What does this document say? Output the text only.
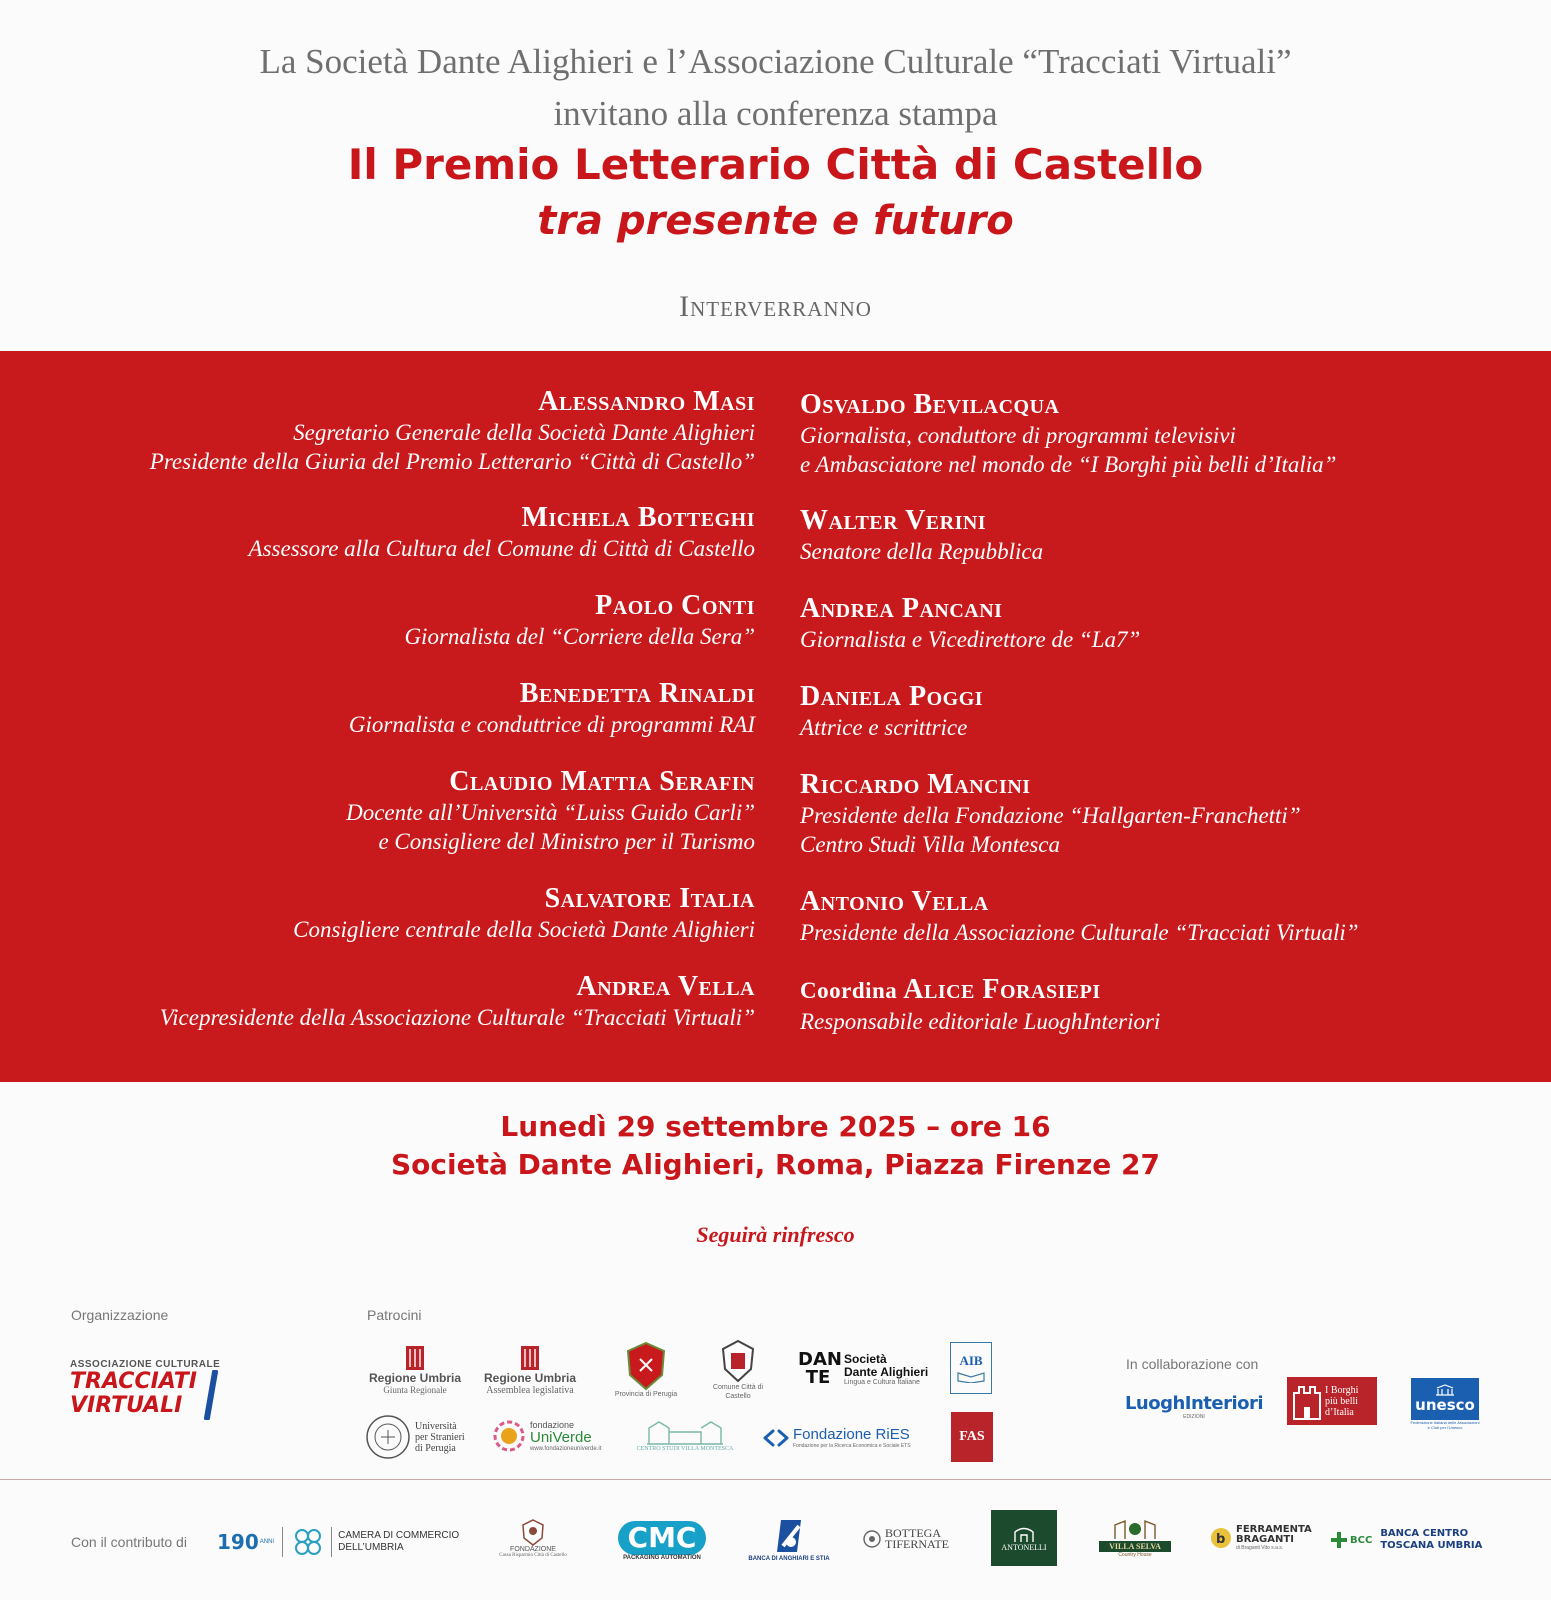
La Società Dante Alighieri e l’Associazione Culturale “Tracciati Virtuali”
invitano alla conferenza stampa
Il Premio Letterario Città di Castello
tra presente e futuro
Interverranno
Alessandro Masi
Segretario Generale della Società Dante Alighieri
Presidente della Giuria del Premio Letterario “Città di Castello”
Michela Botteghi
Assessore alla Cultura del Comune di Città di Castello
Paolo Conti
Giornalista del “Corriere della Sera”
Benedetta Rinaldi
Giornalista e conduttrice di programmi RAI
Claudio Mattia Serafin
Docente all’Università “Luiss Guido Carli”
e Consigliere del Ministro per il Turismo
Salvatore Italia
Consigliere centrale della Società Dante Alighieri
Andrea Vella
Vicepresidente della Associazione Culturale “Tracciati Virtuali”
Osvaldo Bevilacqua
Giornalista, conduttore di programmi televisivi
e Ambasciatore nel mondo de “I Borghi più belli d’Italia”
Walter Verini
Senatore della Repubblica
Andrea Pancani
Giornalista e Vicedirettore de “La7”
Daniela Poggi
Attrice e scrittrice
Riccardo Mancini
Presidente della Fondazione “Hallgarten-Franchetti”
Centro Studi Villa Montesca
Antonio Vella
Presidente della Associazione Culturale “Tracciati Virtuali”
Coordina Alice Forasiepi
Responsabile editoriale LuoghInteriori
Lunedì 29 settembre 2025 – ore 16
Società Dante Alighieri, Roma, Piazza Firenze 27
Seguirà rinfresco
Organizzazione	Patrocini
In collaborazione con
ASSOCIAZIONE CULTURALE
TRACCIATI
VIRTUALI
Regione Umbria
Giunta Regionale
Regione Umbria
Assemblea legislativa	Provincia di Perugia
Comune Città di Castello
DAN
TE
Società
Dante Alighieri
Lingua e Cultura Italiane
AIB
Università
per Stranieri
di Perugia
fondazione
UniVerde
www.fondazioneuniverde.it	CENTRO STUDI VILLA MONTESCA
Fondazione RiES
Fondazione per la Ricerca Economica e Sociale ETS
FAS
LuoghInteriori
EDIZIONI
I Borghi più belli d’Italia	unesco
Federazione Italiana delle Associazioni e Club per l'Unesco
Con il contributo di 190 ANNI
CAMERA DI COMMERCIO DELL’UMBRIA	FONDAZIONE
Cassa Risparmio Città di Castello
CMC
PACKAGING AUTOMATION	BANCA DI ANGHIARI E STIA
BOTTEGA TIFERNATE	ANTONELLI	VILLA SELVA
Country House
b
FERRAMENTA BRAGANTI
di Braganti Vito s.a.s.
BCC
BANCA CENTRO TOSCANA UMBRIA
